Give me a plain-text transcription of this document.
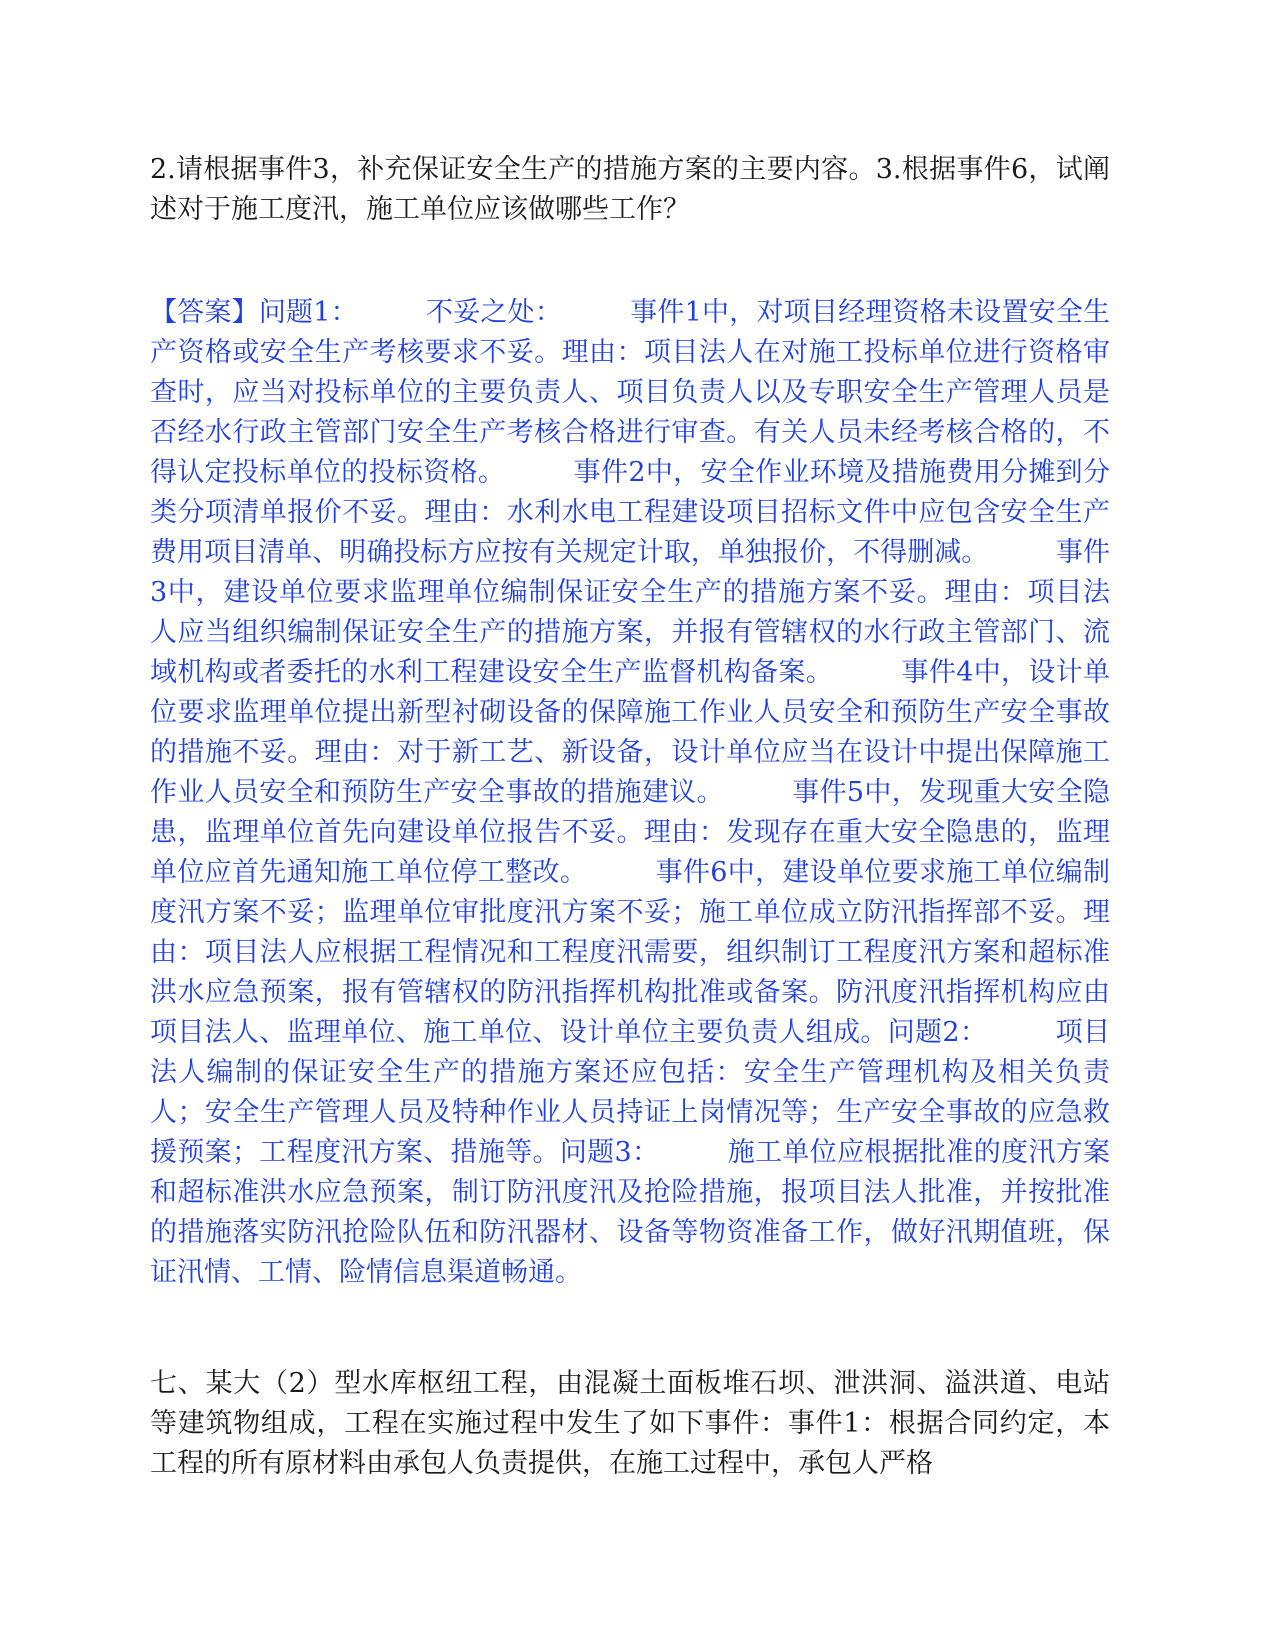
2.请根据事件3，补充保证安全生产的措施方案的主要内容。3.根据事件6，试阐述对于施工度汛，施工单位应该做哪些工作？

【答案】问题1：　　　不妥之处：　　　事件1中，对项目经理资格未设置安全生产资格或安全生产考核要求不妥。理由：项目法人在对施工投标单位进行资格审查时，应当对投标单位的主要负责人、项目负责人以及专职安全生产管理人员是否经水行政主管部门安全生产考核合格进行审查。有关人员未经考核合格的，不得认定投标单位的投标资格。　　　事件2中，安全作业环境及措施费用分摊到分类分项清单报价不妥。理由：水利水电工程建设项目招标文件中应包含安全生产费用项目清单、明确投标方应按有关规定计取，单独报价，不得删减。　　　事件3中，建设单位要求监理单位编制保证安全生产的措施方案不妥。理由：项目法人应当组织编制保证安全生产的措施方案，并报有管辖权的水行政主管部门、流域机构或者委托的水利工程建设安全生产监督机构备案。　　　事件4中，设计单位要求监理单位提出新型衬砌设备的保障施工作业人员安全和预防生产安全事故的措施不妥。理由：对于新工艺、新设备，设计单位应当在设计中提出保障施工作业人员安全和预防生产安全事故的措施建议。　　　事件5中，发现重大安全隐患，监理单位首先向建设单位报告不妥。理由：发现存在重大安全隐患的，监理单位应首先通知施工单位停工整改。　　　事件6中，建设单位要求施工单位编制度汛方案不妥；监理单位审批度汛方案不妥；施工单位成立防汛指挥部不妥。理由：项目法人应根据工程情况和工程度汛需要，组织制订工程度汛方案和超标准洪水应急预案，报有管辖权的防汛指挥机构批准或备案。防汛度汛指挥机构应由项目法人、监理单位、施工单位、设计单位主要负责人组成。问题2：　　　项目法人编制的保证安全生产的措施方案还应包括：安全生产管理机构及相关负责人；安全生产管理人员及特种作业人员持证上岗情况等；生产安全事故的应急救援预案；工程度汛方案、措施等。问题3：　　　施工单位应根据批准的度汛方案和超标准洪水应急预案，制订防汛度汛及抢险措施，报项目法人批准，并按批准的措施落实防汛抢险队伍和防汛器材、设备等物资准备工作，做好汛期值班，保证汛情、工情、险情信息渠道畅通。

七、某大（2）型水库枢纽工程，由混凝土面板堆石坝、泄洪洞、溢洪道、电站等建筑物组成，工程在实施过程中发生了如下事件：事件1：根据合同约定，本工程的所有原材料由承包人负责提供，在施工过程中，承包人严格
